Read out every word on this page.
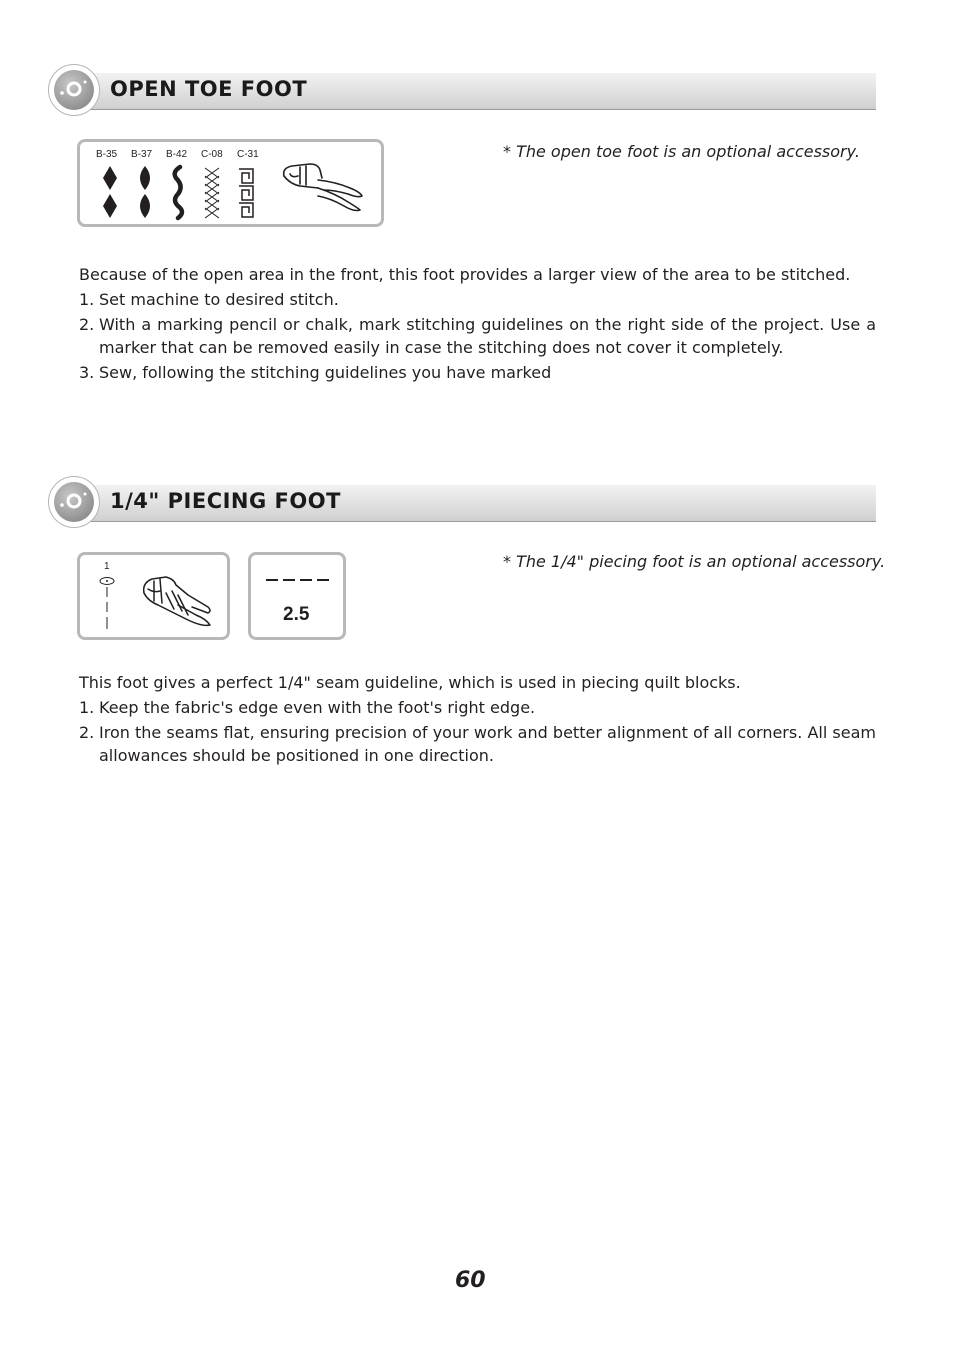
OPEN TOE FOOT
B-35 B-37 B-42 C-08 C-31	* The open toe foot is an optional accessory.

Because of the open area in the front, this foot provides a larger view of the area to be stitched.

1. Set machine to desired stitch.
2. With a marking pencil or chalk, mark stitching guidelines on the right side of the project. Use a marker that can be removed easily in case the stitching does not cover it completely.
3. Sew, following the stitching guidelines you have marked
1/4" PIECING FOOT
1
2.5
* The 1/4" piecing foot is an optional accessory.

This foot gives a perfect 1/4" seam guideline, which is used in piecing quilt blocks.

1. Keep the fabric's edge even with the foot's right edge.
2. Iron the seams flat, ensuring precision of your work and better alignment of all corners. All seam allowances should be positioned in one direction.
60
